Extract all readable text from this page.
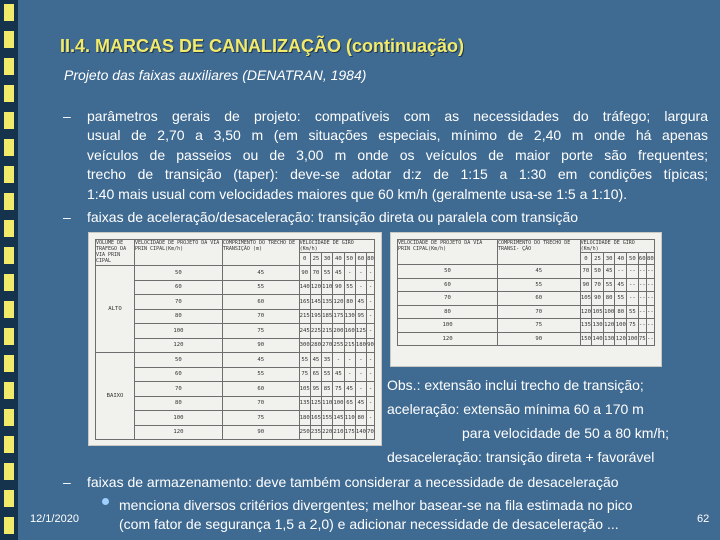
II.4. MARCAS DE CANALIZAÇÃO (continuação)
Projeto das faixas auxiliares (DENATRAN, 1984)
– parâmetros gerais de projeto: compatíveis com as necessidades do tráfego; largura
usual de 2,70 a 3,50 m (em situações especiais, mínimo de 2,40 m onde há apenas
veículos de passeios ou de 3,00 m onde os veículos de maior porte são frequentes;
trecho de transição (taper): deve-se adotar d:z de 1:15 a 1:30 em condições típicas;
1:40 mais usual com velocidades maiores que 60 km/h (geralmente usa-se 1:5 a 1:10).
– faixas de aceleração/desaceleração: transição direta ou paralela com transição
VOLUME DE TRAFEGO DA VIA PRIN CIPAL	VELOCIDADE DE PROJETO DA VIA PRIN CIPAL(Km/h)	COMPRIMENTO DO TRECHO DE TRANSIÇÃO (m)	VELOCIDADE DE GIRO (Km/h)						
			0	25	30	40	50	60	80
ALTO	50	45	90	70	55	45	-	-	-
	60	55	140	120	110	90	55	-	-
	70	60	165	145	135	120	80	45	-
	80	70	215	195	185	175	130	95	-
	100	75	245	225	215	200	160	125	-
	120	90	300	280	270	255	215	180	90
BAIXO	50	45	55	45	35	-	-	-	-
	60	55	75	65	55	45	-	-	-
	70	60	105	95	85	75	45	-	-
	80	70	135	125	110	100	65	45	-
	100	75	180	165	155	145	110	80	-
	120	90	250	235	220	210	175	140	70
VELOCIDADE DE PROJETO DA VIA PRIN CIPAL(Km/h)	COMPRIMENTO DO TRECHO DE TRANSI- ÇÃO	VELOCIDADE DE GIRO (Km/h)						
		0	25	30	40	50	60	80
50	45	70	50	45	--	--	--	--
60	55	90	70	55	45	--	--	--
70	60	105	90	80	55	--	--	--
80	70	120	105	100	80	55	--	--
100	75	135	130	120	100	75	--	--
120	90	150	140	130	120	100	75	--
Obs.: extensão inclui trecho de transição;
aceleração: extensão mínima 60 a 170 m
para velocidade de 50 a 80 km/h;
desaceleração: transição direta + favorável
– faixas de armazenamento: deve também considerar a necessidade de desaceleração
menciona diversos critérios divergentes; melhor basear-se na fila estimada no pico
(com fator de segurança 1,5 a 2,0) e adicionar necessidade de desaceleração ...
12/1/2020	62
